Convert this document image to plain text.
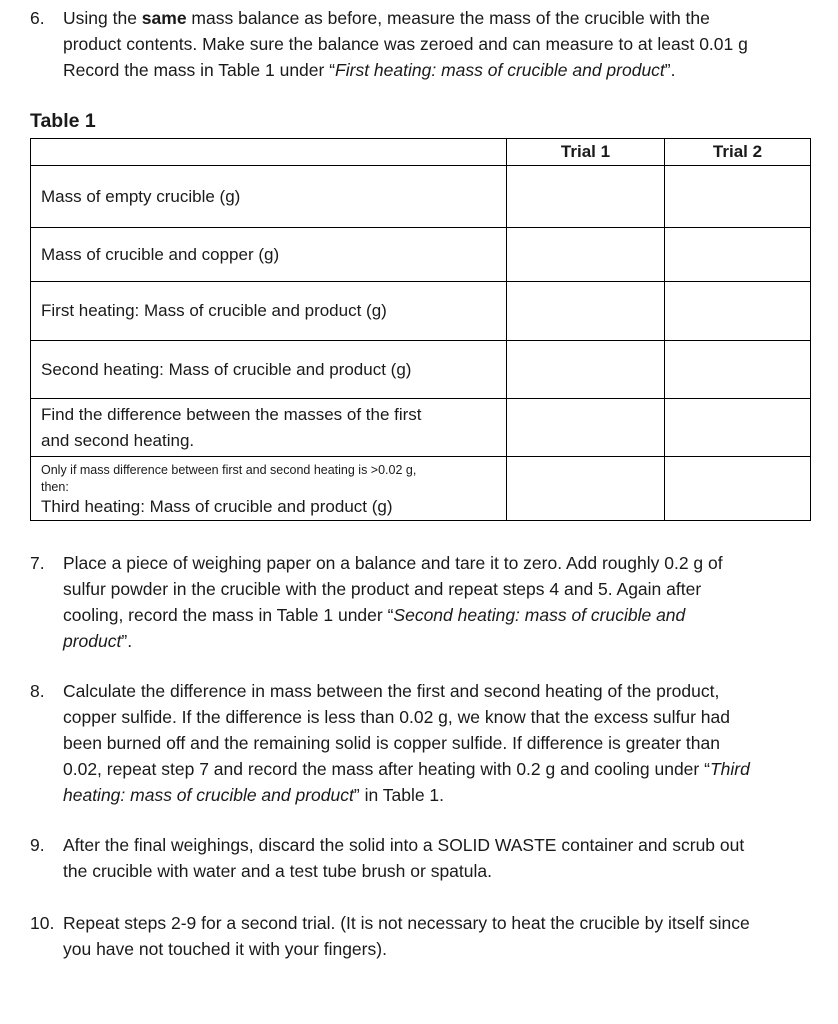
6. Using the same mass balance as before, measure the mass of the crucible with the
product contents. Make sure the balance was zeroed and can measure to at least 0.01 g
Record the mass in Table 1 under “First heating: mass of crucible and product”.
Table 1
	Trial 1	Trial 2
Mass of empty crucible (g)		
Mass of crucible and copper (g)		
First heating: Mass of crucible and product (g)		
Second heating: Mass of crucible and product (g)		

Find the difference between the masses of the first
and second heating.		

Only if mass difference between first and second heating is >0.02 g,
then:
Third heating: Mass of crucible and product (g)		

7. Place a piece of weighing paper on a balance and tare it to zero. Add roughly 0.2 g of
sulfur powder in the crucible with the product and repeat steps 4 and 5. Again after
cooling, record the mass in Table 1 under “Second heating: mass of crucible and
product”.
8. Calculate the difference in mass between the first and second heating of the product,
copper sulfide. If the difference is less than 0.02 g, we know that the excess sulfur had
been burned off and the remaining solid is copper sulfide. If difference is greater than
0.02, repeat step 7 and record the mass after heating with 0.2 g and cooling under “Third
heating: mass of crucible and product” in Table 1.
9. After the final weighings, discard the solid into a SOLID WASTE container and scrub out
the crucible with water and a test tube brush or spatula.
10. Repeat steps 2-9 for a second trial. (It is not necessary to heat the crucible by itself since
you have not touched it with your fingers).
